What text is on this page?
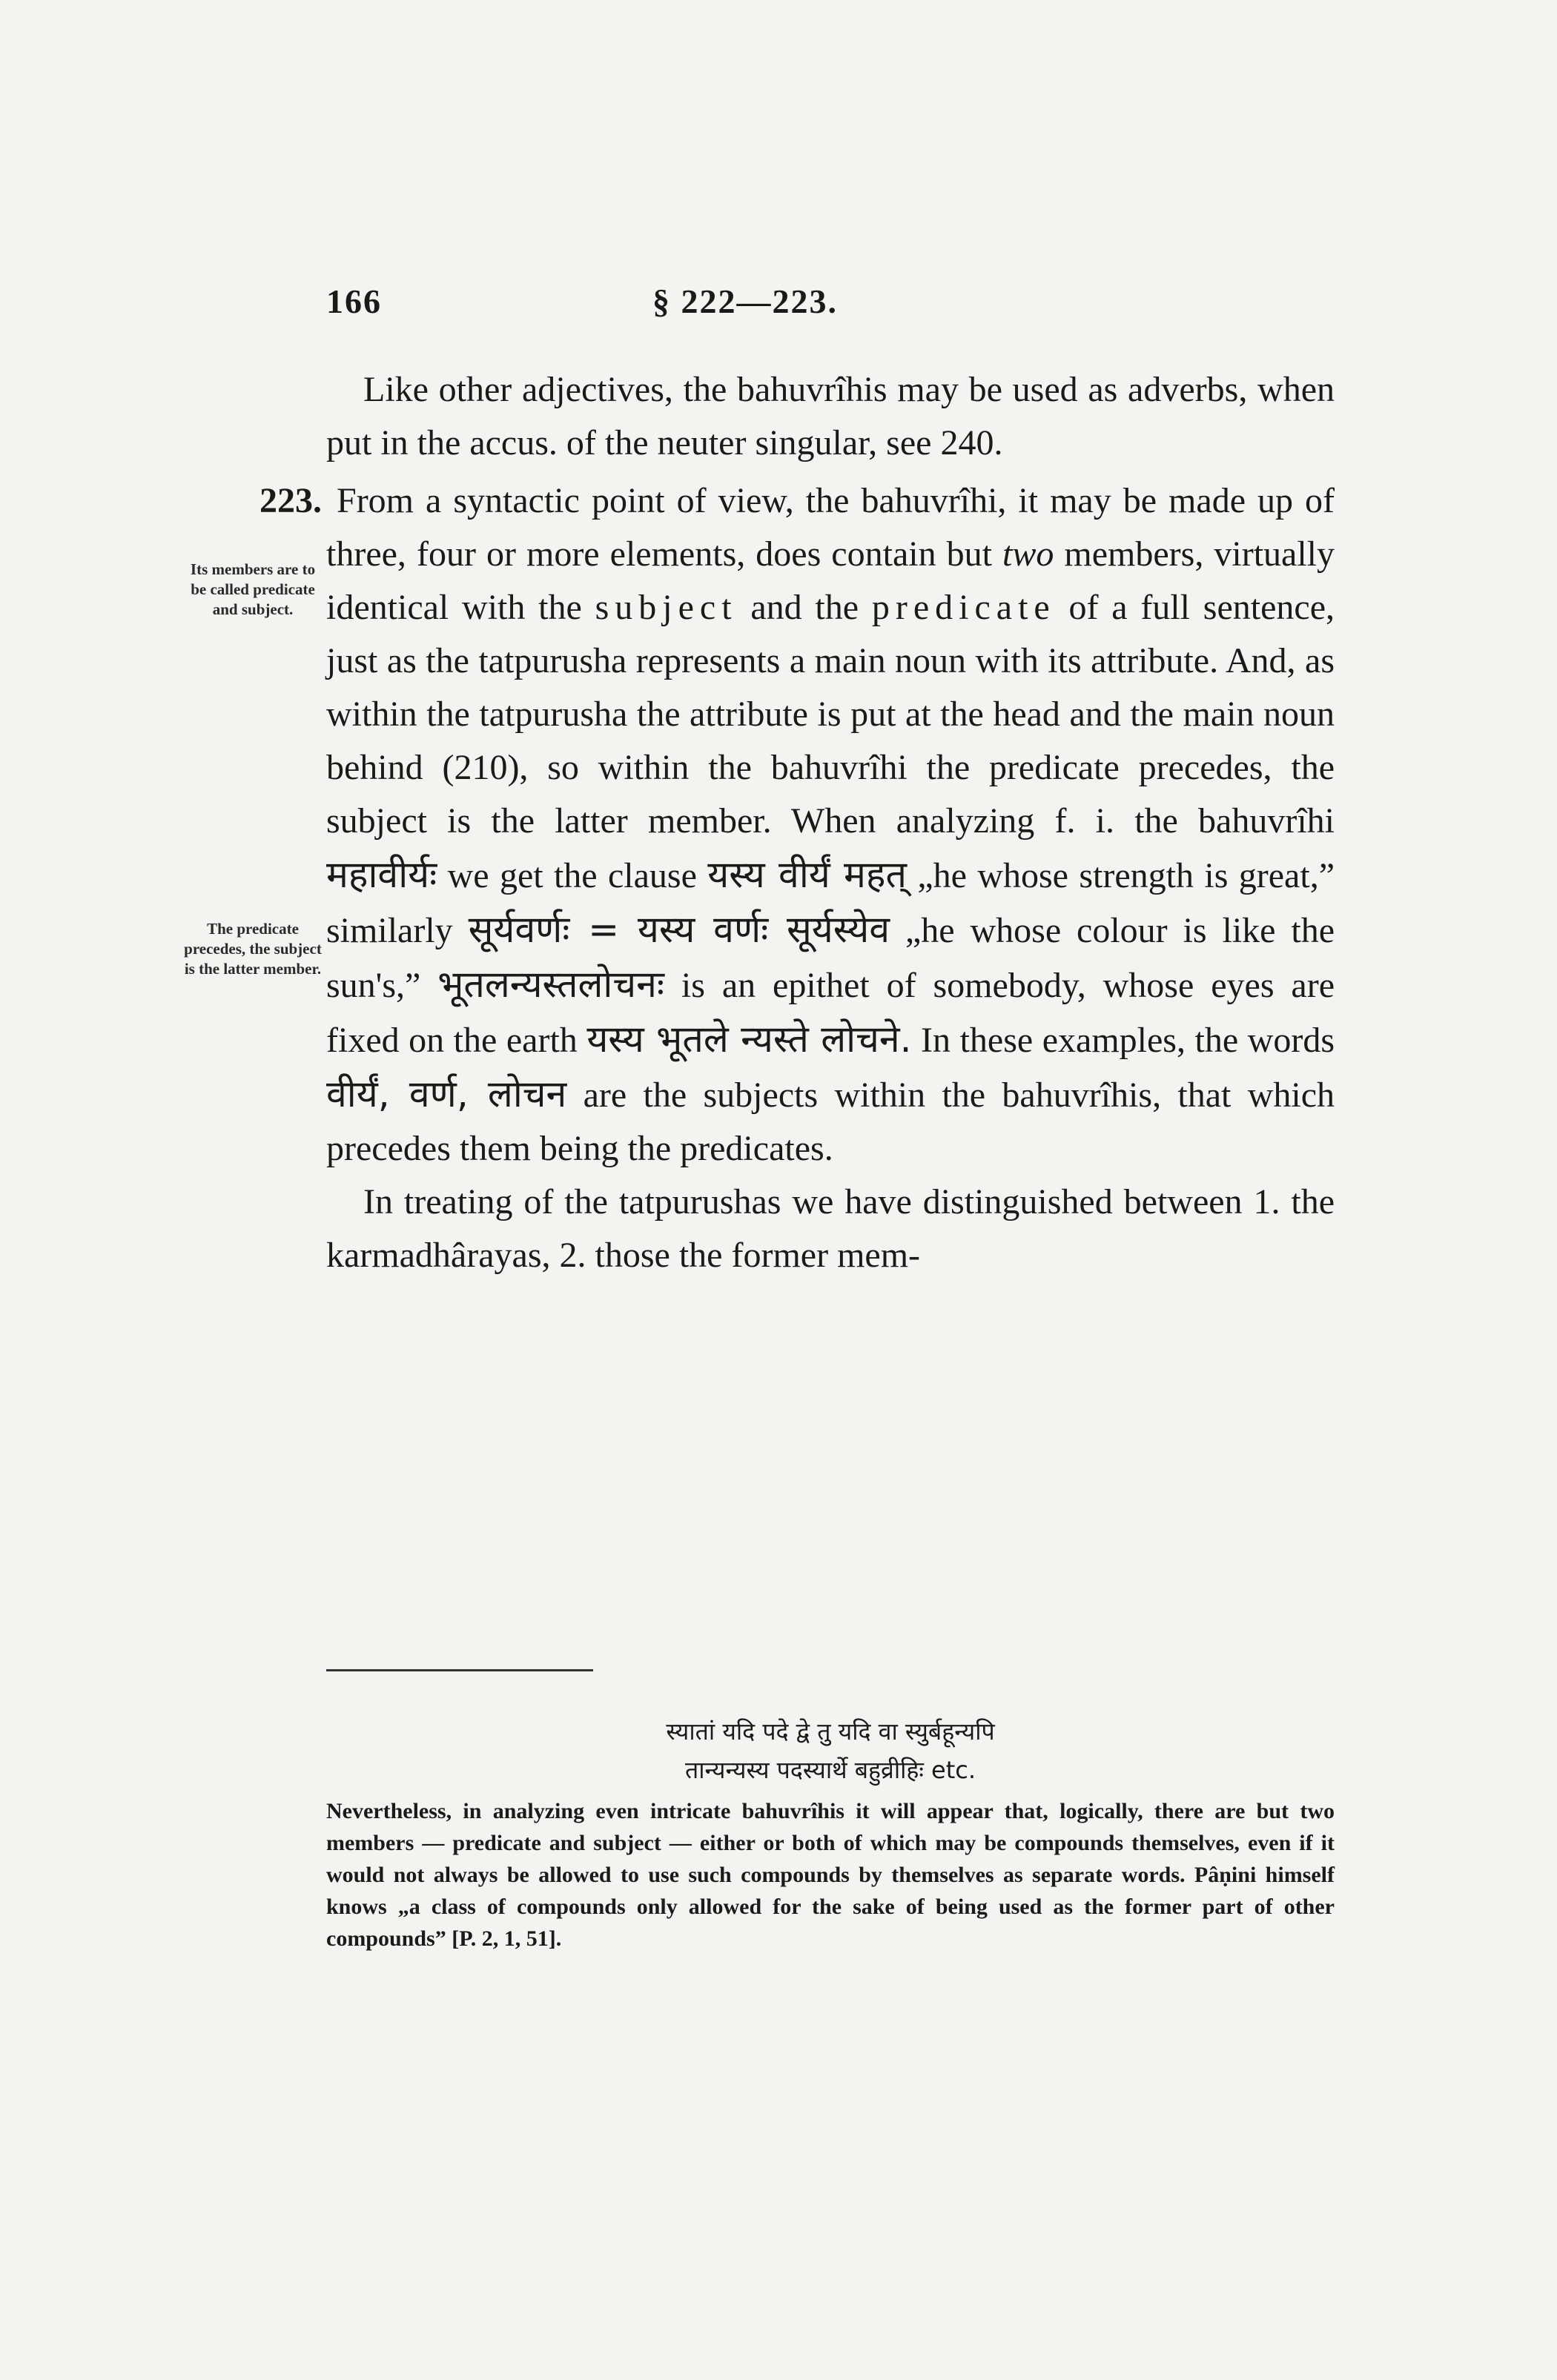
166	§ 222—223.
Its members are to be called predicate and subject.
The predicate precedes, the subject is the latter member.

Like other adjectives, the bahuvrîhis may be used as adverbs, when put in the accus. of the neuter singular, see 240.

223. From a syntactic point of view, the bahuvrîhi, it may be made up of three, four or more elements, does contain but two members, virtually identical with the subject and the predicate of a full sentence, just as the tatpurusha represents a main noun with its attribute. And, as within the tatpurusha the attribute is put at the head and the main noun behind (210), so within the bahuvrîhi the predicate precedes, the subject is the latter member. When analyzing f. i. the bahuvrîhi महावीर्यः we get the clause यस्य वीर्यं महत् „he whose strength is great,” similarly सूर्यवर्णः = यस्य वर्णः सूर्यस्येव „he whose colour is like the sun's,” भूतलन्यस्तलोचनः is an epithet of somebody, whose eyes are fixed on the earth यस्य भूतले न्यस्ते लोचने. In these examples, the words वीर्यं, वर्ण, लोचन are the subjects within the bahuvrîhis, that which precedes them being the predicates.

In treating of the tatpurushas we have distinguished between 1. the karmadhârayas, 2. those the former mem-

स्यातां यदि पदे द्वे तु यदि वा स्युर्बहून्यपि
तान्यन्यस्य पदस्यार्थे बहुव्रीहिः etc.
Nevertheless, in analyzing even intricate bahuvrîhis it will appear that, logically, there are but two members — predicate and subject — either or both of which may be compounds themselves, even if it would not always be allowed to use such compounds by themselves as separate words. Pâṇini himself knows „a class of compounds only allowed for the sake of being used as the former part of other compounds” [P. 2, 1, 51].
